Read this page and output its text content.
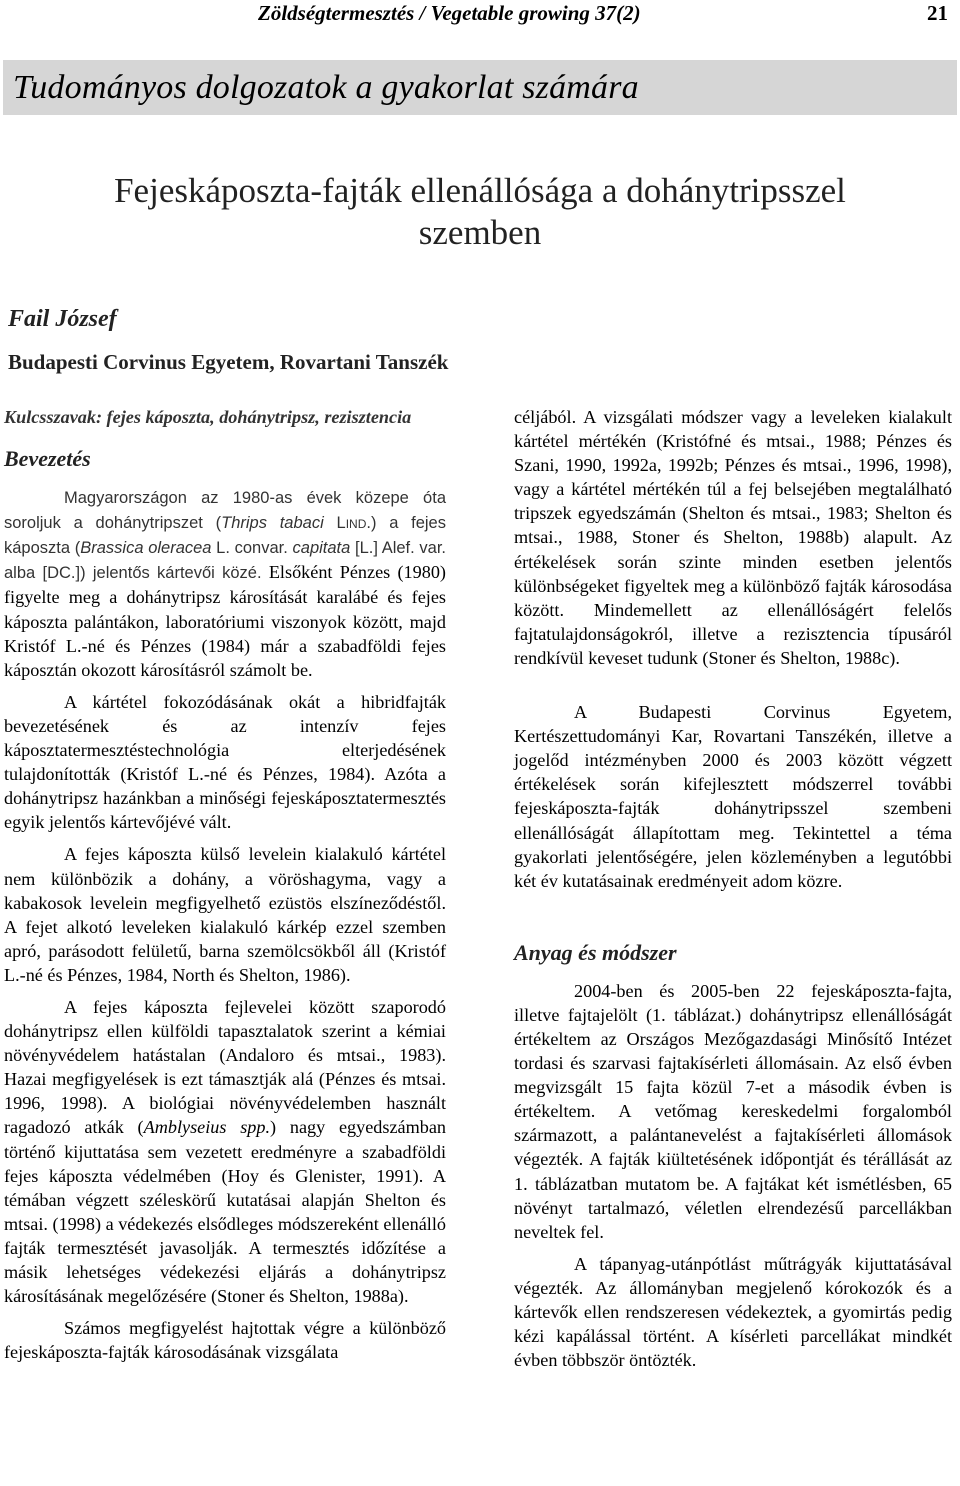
Zöldségtermesztés / Vegetable growing 37(2)	21
Tudományos dolgozatok a gyakorlat számára
Fejeskáposzta-fajták ellenállósága a dohánytripsszel
szemben
Fail József
Budapesti Corvinus Egyetem, Rovartani Tanszék

Kulcsszavak: fejes káposzta, dohánytripsz, rezisztencia

Bevezetés

Magyarországon az 1980-as évek közepe óta soroljuk a dohánytripszet (Thrips tabaci Lind.) a fejes káposzta (Brassica oleracea L. convar. capitata [L.] Alef. var. alba [DC.]) jelentős kártevői közé. Elsőként Pénzes (1980) figyelte meg a dohánytripsz károsítását karalábé és fejes káposzta palántákon, laboratóriumi viszonyok között, majd Kristóf L.-né és Pénzes (1984) már a szabadföldi fejes káposztán okozott károsításról számolt be.

A kártétel fokozódásának okát a hibridfajták bevezetésének és az intenzív fejes káposztatermesztéstechnológia elterjedésének tulajdonították (Kristóf L.-né és Pénzes, 1984). Azóta a dohánytripsz hazánkban a minőségi fejeskáposztatermesztés egyik jelentős kártevőjévé vált.

A fejes káposzta külső levelein kialakuló kártétel nem különbözik a dohány, a vöröshagyma, vagy a kabakosok levelein megfigyelhető ezüstös elszíneződéstől. A fejet alkotó leveleken kialakuló kárkép ezzel szemben apró, parásodott felületű, barna szemölcsökből áll (Kristóf L.-né és Pénzes, 1984, North és Shelton, 1986).

A fejes káposzta fejlevelei között szaporodó dohánytripsz ellen külföldi tapasztalatok szerint a kémiai növényvédelem hatástalan (Andaloro és mtsai., 1983). Hazai megfigyelések is ezt támasztják alá (Pénzes és mtsai. 1996, 1998). A biológiai növényvédelemben használt ragadozó atkák (Amblyseius spp.) nagy egyedszámban történő kijuttatása sem vezetett eredményre a szabadföldi fejes káposzta védelmében (Hoy és Glenister, 1991). A témában végzett széleskörű kutatásai alapján Shelton és mtsai. (1998) a védekezés elsődleges módszereként ellenálló fajták termesztését javasolják. A termesztés időzítése a másik lehetséges védekezési eljárás a dohánytripsz károsításának megelőzésére (Stoner és Shelton, 1988a).

Számos megfigyelést hajtottak végre a különböző fejeskáposzta-fajták károsodásának vizsgálata

céljából. A vizsgálati módszer vagy a leveleken kialakult kártétel mértékén (Kristófné és mtsai., 1988; Pénzes és Szani, 1990, 1992a, 1992b; Pénzes és mtsai., 1996, 1998), vagy a kártétel mértékén túl a fej belsejében megtalálható tripszek egyedszámán (Shelton és mtsai., 1983; Shelton és mtsai., 1988, Stoner és Shelton, 1988b) alapult. Az értékelések során szinte minden esetben jelentős különbségeket figyeltek meg a különböző fajták károsodása között. Mindemellett az ellenállóságért felelős fajtatulajdonságokról, illetve a rezisztencia típusáról rendkívül keveset tudunk (Stoner és Shelton, 1988c).

A Budapesti Corvinus Egyetem, Kertészettudományi Kar, Rovartani Tanszékén, illetve a jogelőd intézményben 2000 és 2003 között végzett értékelések során kifejlesztett módszerrel további fejeskáposzta-fajták dohánytripsszel szembeni ellenállóságát állapítottam meg. Tekintettel a téma gyakorlati jelentőségére, jelen közleményben a legutóbbi két év kutatásainak eredményeit adom közre.

Anyag és módszer

2004-ben és 2005-ben 22 fejeskáposzta-fajta, illetve fajtajelölt (1. táblázat.) dohánytripsz ellenállóságát értékeltem az Országos Mezőgazdasági Minősítő Intézet tordasi és szarvasi fajtakísérleti állomásain. Az első évben megvizsgált 15 fajta közül 7-et a második évben is értékeltem. A vetőmag kereskedelmi forgalomból származott, a palántanevelést a fajtakísérleti állomások végezték. A fajták kiültetésének időpontját és térállását az 1. táblázatban mutatom be. A fajtákat két ismétlésben, 65 növényt tartalmazó, véletlen elrendezésű parcellákban neveltek fel.

A tápanyag-utánpótlást műtrágyák kijuttatásával végezték. Az állományban megjelenő kórokozók és a kártevők ellen rendszeresen védekeztek, a gyomirtás pedig kézi kapálással történt. A kísérleti parcellákat mindkét évben többször öntözték.
